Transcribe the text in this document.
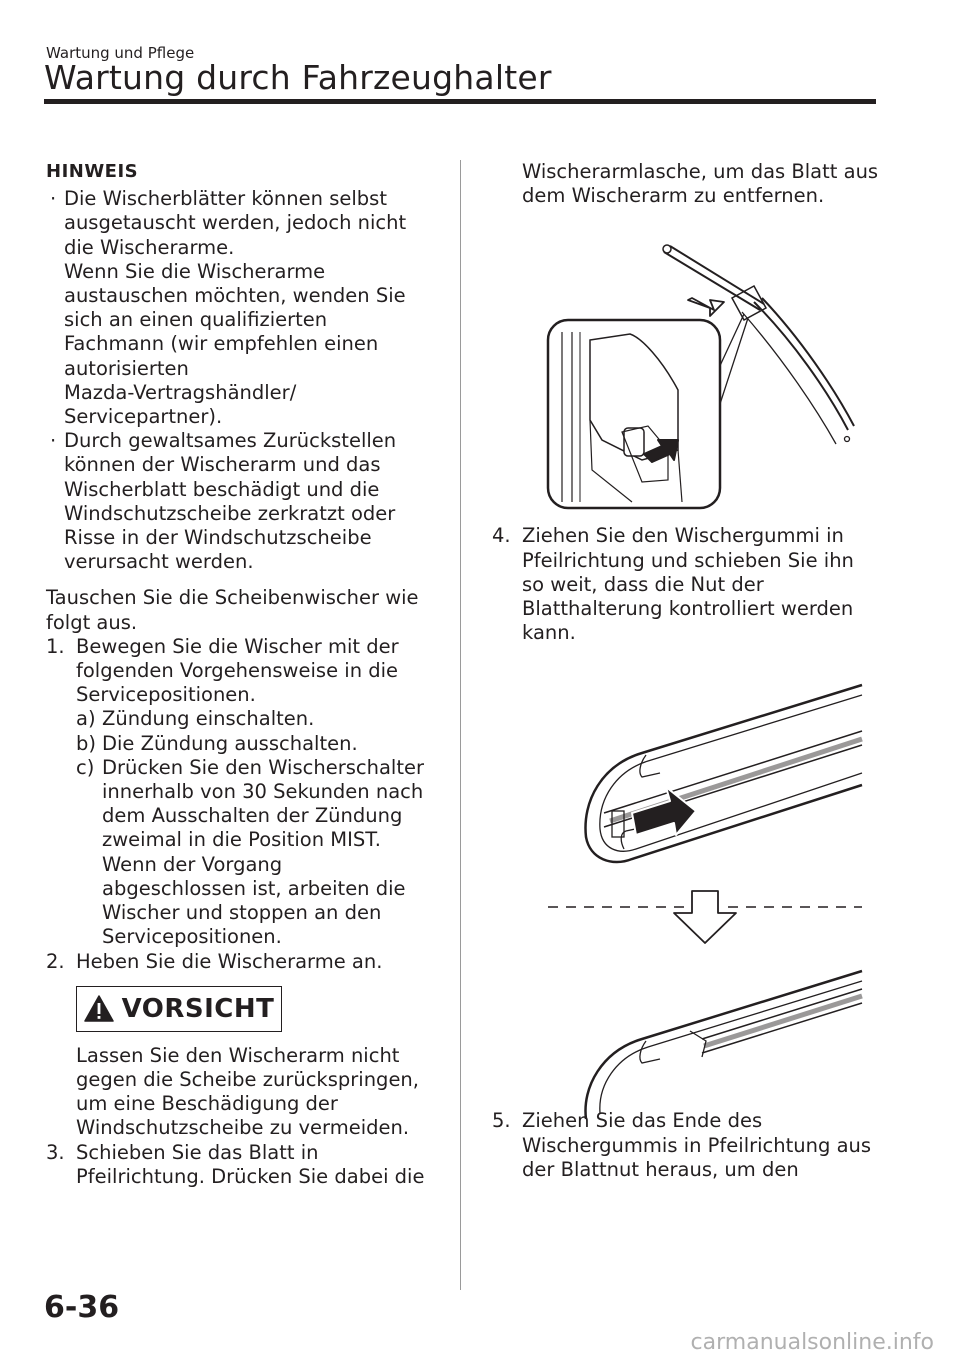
Wartung und Pflege
Wartung durch Fahrzeughalter

HINWEIS

· Die Wischerblätter können selbst
ausgetauscht werden, jedoch nicht
die Wischerarme.
Wenn Sie die Wischerarme
austauschen möchten, wenden Sie
sich an einen qualifizierten
Fachmann (wir empfehlen einen
autorisierten
Mazda-Vertragshändler/
Servicepartner).
· Durch gewaltsames Zurückstellen
können der Wischerarm und das
Wischerblatt beschädigt und die
Windschutzscheibe zerkratzt oder
Risse in der Windschutzscheibe
verursacht werden.
Tauschen Sie die Scheibenwischer wie
folgt aus.
1. Bewegen Sie die Wischer mit der
folgenden Vorgehensweise in die
Servicepositionen.
a) Zündung einschalten.
b) Die Zündung ausschalten.
c) Drücken Sie den Wischerschalter
innerhalb von 30 Sekunden nach
dem Ausschalten der Zündung
zweimal in die Position MIST.
Wenn der Vorgang
abgeschlossen ist, arbeiten die
Wischer und stoppen an den
Servicepositionen.
2. Heben Sie die Wischerarme an.
VORSICHT
Lassen Sie den Wischerarm nicht
gegen die Scheibe zurückspringen,
um eine Beschädigung der
Windschutzscheibe zu vermeiden.
3. Schieben Sie das Blatt in
Pfeilrichtung. Drücken Sie dabei die
Wischerarmlasche, um das Blatt aus
dem Wischerarm zu entfernen.
4. Ziehen Sie den Wischergummi in
Pfeilrichtung und schieben Sie ihn
so weit, dass die Nut der
Blatthalterung kontrolliert werden
kann.
5. Ziehen Sie das Ende des
Wischergummis in Pfeilrichtung aus
der Blattnut heraus, um den
6-36
carmanualsonline.info
